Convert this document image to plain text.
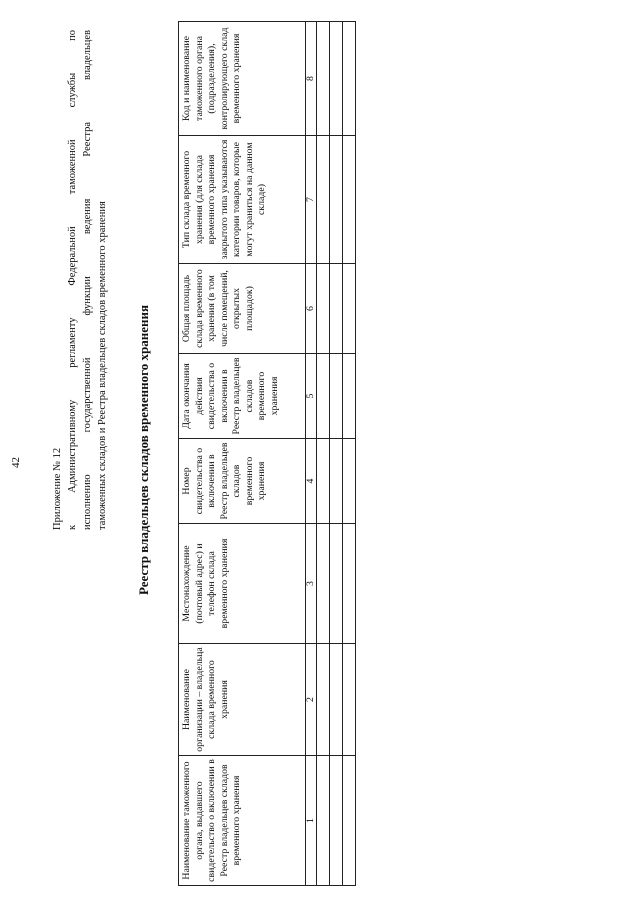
42	Приложение № 12 к Административному регламенту Федеральной таможенной службы по исполнению государственной функции ведения Реестра владельцев таможенных складов и Реестра владельцев складов временного хранения Реестр владельцев складов временного хранения
Наименование таможенного органа, выдавшего свидетельство о включении в Реестр владельцев складов временного хранения	Наименование организации – владельца склада временного хранения	Местонахождение (почтовый адрес) и телефон склада временного хранения	Номер свидетельства о включении в Реестр владельцев складов временного хранения	Дата окончания действия свидетельства о включении в Реестр владельцев складов временного хранения	Общая площадь склада временного хранения (в том числе помещений, открытых площадок)	Тип склада временного хранения (для склада временного хранения закрытого типа указываются категории товаров, которые могут храниться на данном складе)	Код и наименование таможенного органа (подразделения), контролирующего склад временного хранения
1	2	3	4	5	6	7	8
